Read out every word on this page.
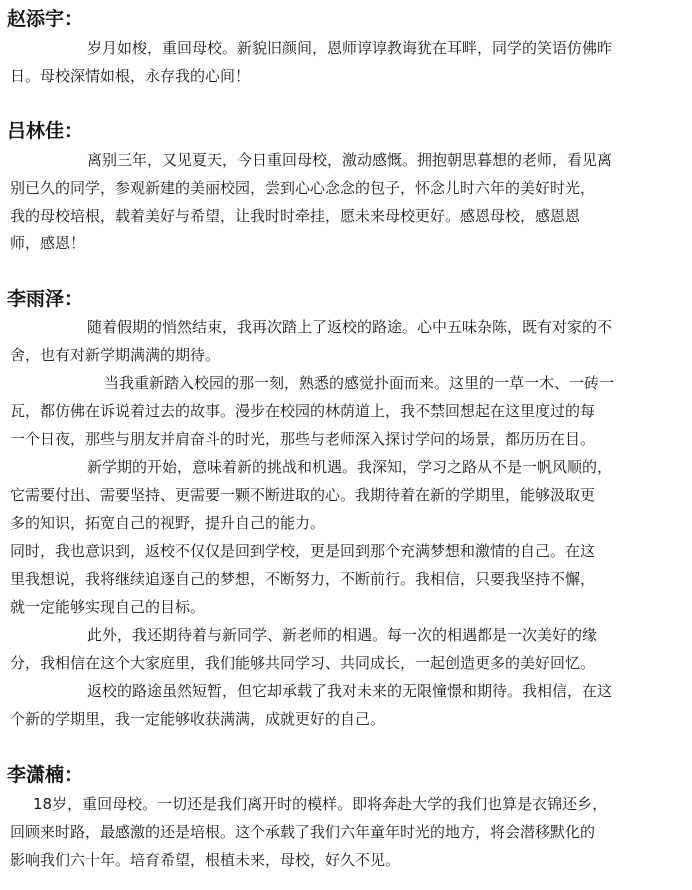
赵添宇：
岁月如梭，重回母校。新貌旧颜间，恩师谆谆教诲犹在耳畔，同学的笑语仿佛昨
日。母校深情如根，永存我的心间！
吕林佳：
离别三年，又见夏天，今日重回母校，激动感慨。拥抱朝思暮想的老师，看见离
别已久的同学，参观新建的美丽校园，尝到心心念念的包子，怀念儿时六年的美好时光，
我的母校培根，载着美好与希望，让我时时牵挂，愿未来母校更好。感恩母校，感恩恩
师，感恩！
李雨泽：
随着假期的悄然结束，我再次踏上了返校的路途。心中五味杂陈，既有对家的不
舍，也有对新学期满满的期待。
当我重新踏入校园的那一刻，熟悉的感觉扑面而来。这里的一草一木、一砖一
瓦，都仿佛在诉说着过去的故事。漫步在校园的林荫道上，我不禁回想起在这里度过的每
一个日夜，那些与朋友并肩奋斗的时光，那些与老师深入探讨学问的场景，都历历在目。
新学期的开始，意味着新的挑战和机遇。我深知，学习之路从不是一帆风顺的，
它需要付出、需要坚持、更需要一颗不断进取的心。我期待着在新的学期里，能够汲取更
多的知识，拓宽自己的视野，提升自己的能力。
同时，我也意识到，返校不仅仅是回到学校，更是回到那个充满梦想和激情的自己。在这
里我想说，我将继续追逐自己的梦想，不断努力，不断前行。我相信，只要我坚持不懈，
就一定能够实现自己的目标。
此外，我还期待着与新同学、新老师的相遇。每一次的相遇都是一次美好的缘
分，我相信在这个大家庭里，我们能够共同学习、共同成长，一起创造更多的美好回忆。
返校的路途虽然短暂，但它却承载了我对未来的无限憧憬和期待。我相信，在这
个新的学期里，我一定能够收获满满，成就更好的自己。
李潇楠：
18岁，重回母校。一切还是我们离开时的模样。即将奔赴大学的我们也算是衣锦还乡，
回顾来时路，最感激的还是培根。这个承载了我们六年童年时光的地方，将会潜移默化的
影响我们六十年。培育希望，根植未来，母校，好久不见。
